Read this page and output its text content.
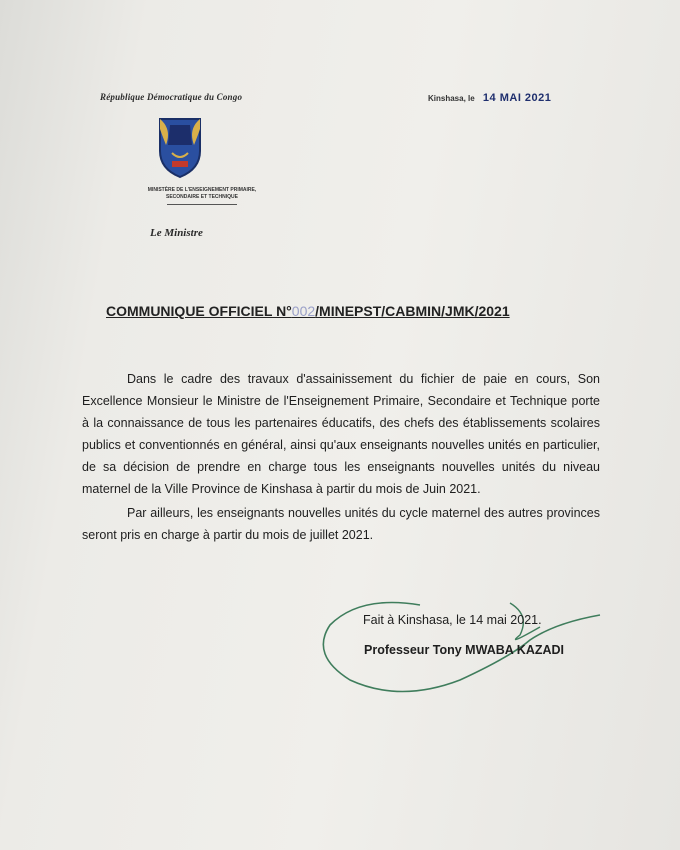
République Démocratique du Congo
MINISTÈRE DE L'ENSEIGNEMENT PRIMAIRE,
SECONDAIRE ET TECHNIQUE
Le Ministre
Kinshasa, le 14 MAI 2021
COMMUNIQUE OFFICIEL N°002/MINEPST/CABMIN/JMK/2021

Dans le cadre des travaux d'assainissement du fichier de paie en cours, Son Excellence Monsieur le Ministre de l'Enseignement Primaire, Secondaire et Technique porte à la connaissance de tous les partenaires éducatifs, des chefs des établissements scolaires publics et conventionnés en général, ainsi qu'aux enseignants nouvelles unités en particulier, de sa décision de prendre en charge tous les enseignants nouvelles unités du niveau maternel de la Ville Province de Kinshasa à partir du mois de Juin 2021.

Par ailleurs, les enseignants nouvelles unités du cycle maternel des autres provinces seront pris en charge à partir du mois de juillet 2021.

Fait à Kinshasa, le 14 mai 2021.
Professeur Tony MWABA KAZADI
